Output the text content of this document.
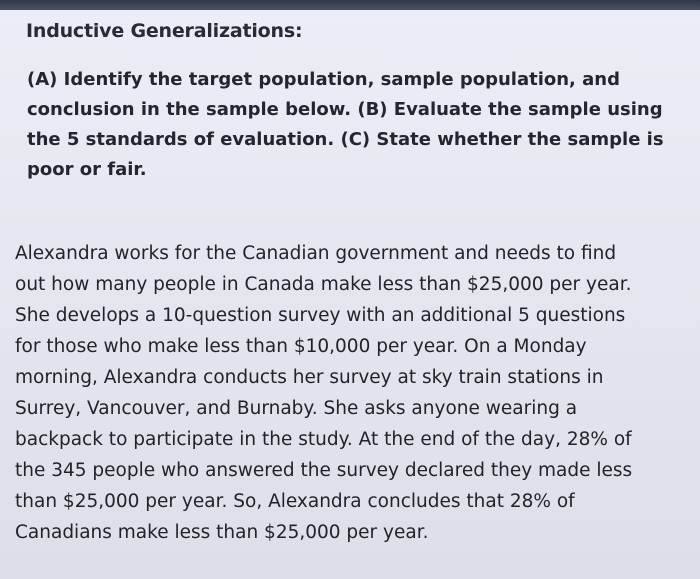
Inductive Generalizations:

(A) Identify the target population, sample population, and conclusion in the sample below. (B) Evaluate the sample using the 5 standards of evaluation. (C) State whether the sample is poor or fair.

Alexandra works for the Canadian government and needs to find
out how many people in Canada make less than $25,000 per year.
She develops a 10-question survey with an additional 5 questions
for those who make less than $10,000 per year. On a Monday
morning, Alexandra conducts her survey at sky train stations in
Surrey, Vancouver, and Burnaby. She asks anyone wearing a
backpack to participate in the study. At the end of the day, 28% of
the 345 people who answered the survey declared they made less
than $25,000 per year. So, Alexandra concludes that 28% of
Canadians make less than $25,000 per year.
